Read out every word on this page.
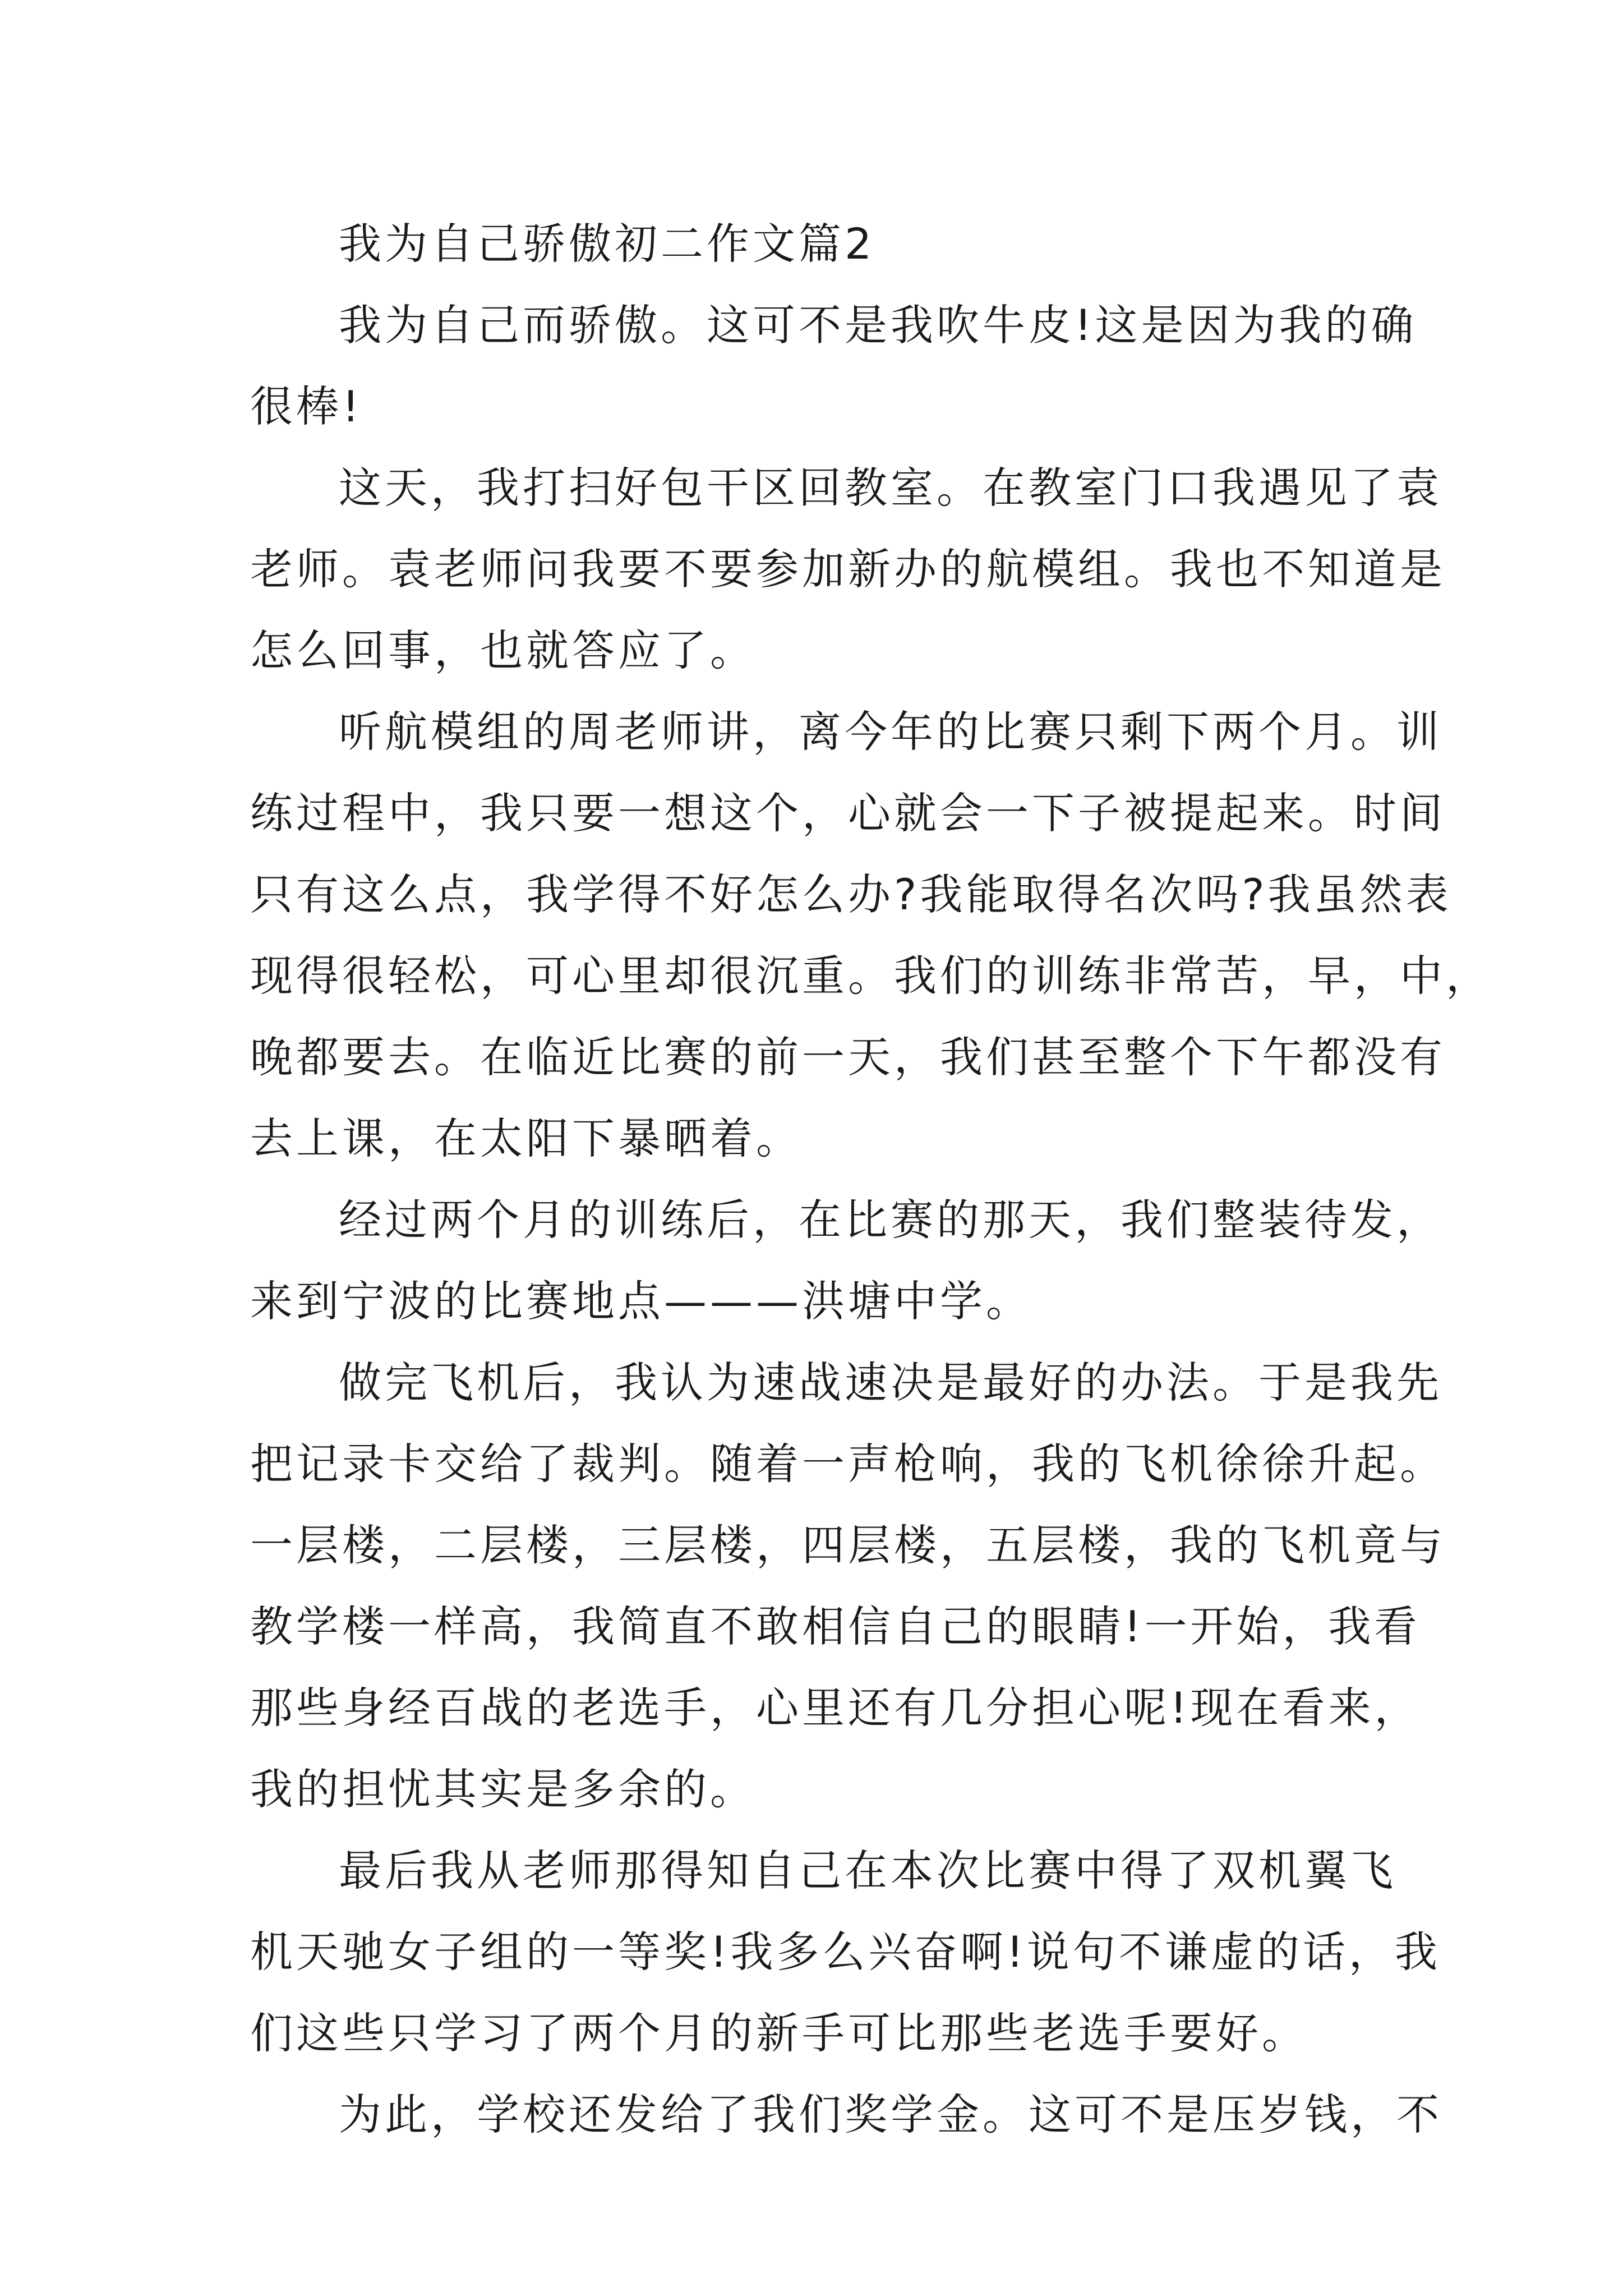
我为自己骄傲初二作文篇2
我为自己而骄傲。这可不是我吹牛皮!这是因为我的确
很棒!
这天，我打扫好包干区回教室。在教室门口我遇见了袁
老师。袁老师问我要不要参加新办的航模组。我也不知道是
怎么回事，也就答应了。
听航模组的周老师讲，离今年的比赛只剩下两个月。训
练过程中，我只要一想这个，心就会一下子被提起来。时间
只有这么点，我学得不好怎么办?我能取得名次吗?我虽然表
现得很轻松，可心里却很沉重。我们的训练非常苦，早，中，
晚都要去。在临近比赛的前一天，我们甚至整个下午都没有
去上课，在太阳下暴晒着。
经过两个月的训练后，在比赛的那天，我们整装待发，
来到宁波的比赛地点———洪塘中学。
做完飞机后，我认为速战速决是最好的办法。于是我先
把记录卡交给了裁判。随着一声枪响，我的飞机徐徐升起。
一层楼，二层楼，三层楼，四层楼，五层楼，我的飞机竟与
教学楼一样高，我简直不敢相信自己的眼睛!一开始，我看
那些身经百战的老选手，心里还有几分担心呢!现在看来，
我的担忧其实是多余的。
最后我从老师那得知自己在本次比赛中得了双机翼飞
机天驰女子组的一等奖!我多么兴奋啊!说句不谦虚的话，我
们这些只学习了两个月的新手可比那些老选手要好。
为此，学校还发给了我们奖学金。这可不是压岁钱，不
